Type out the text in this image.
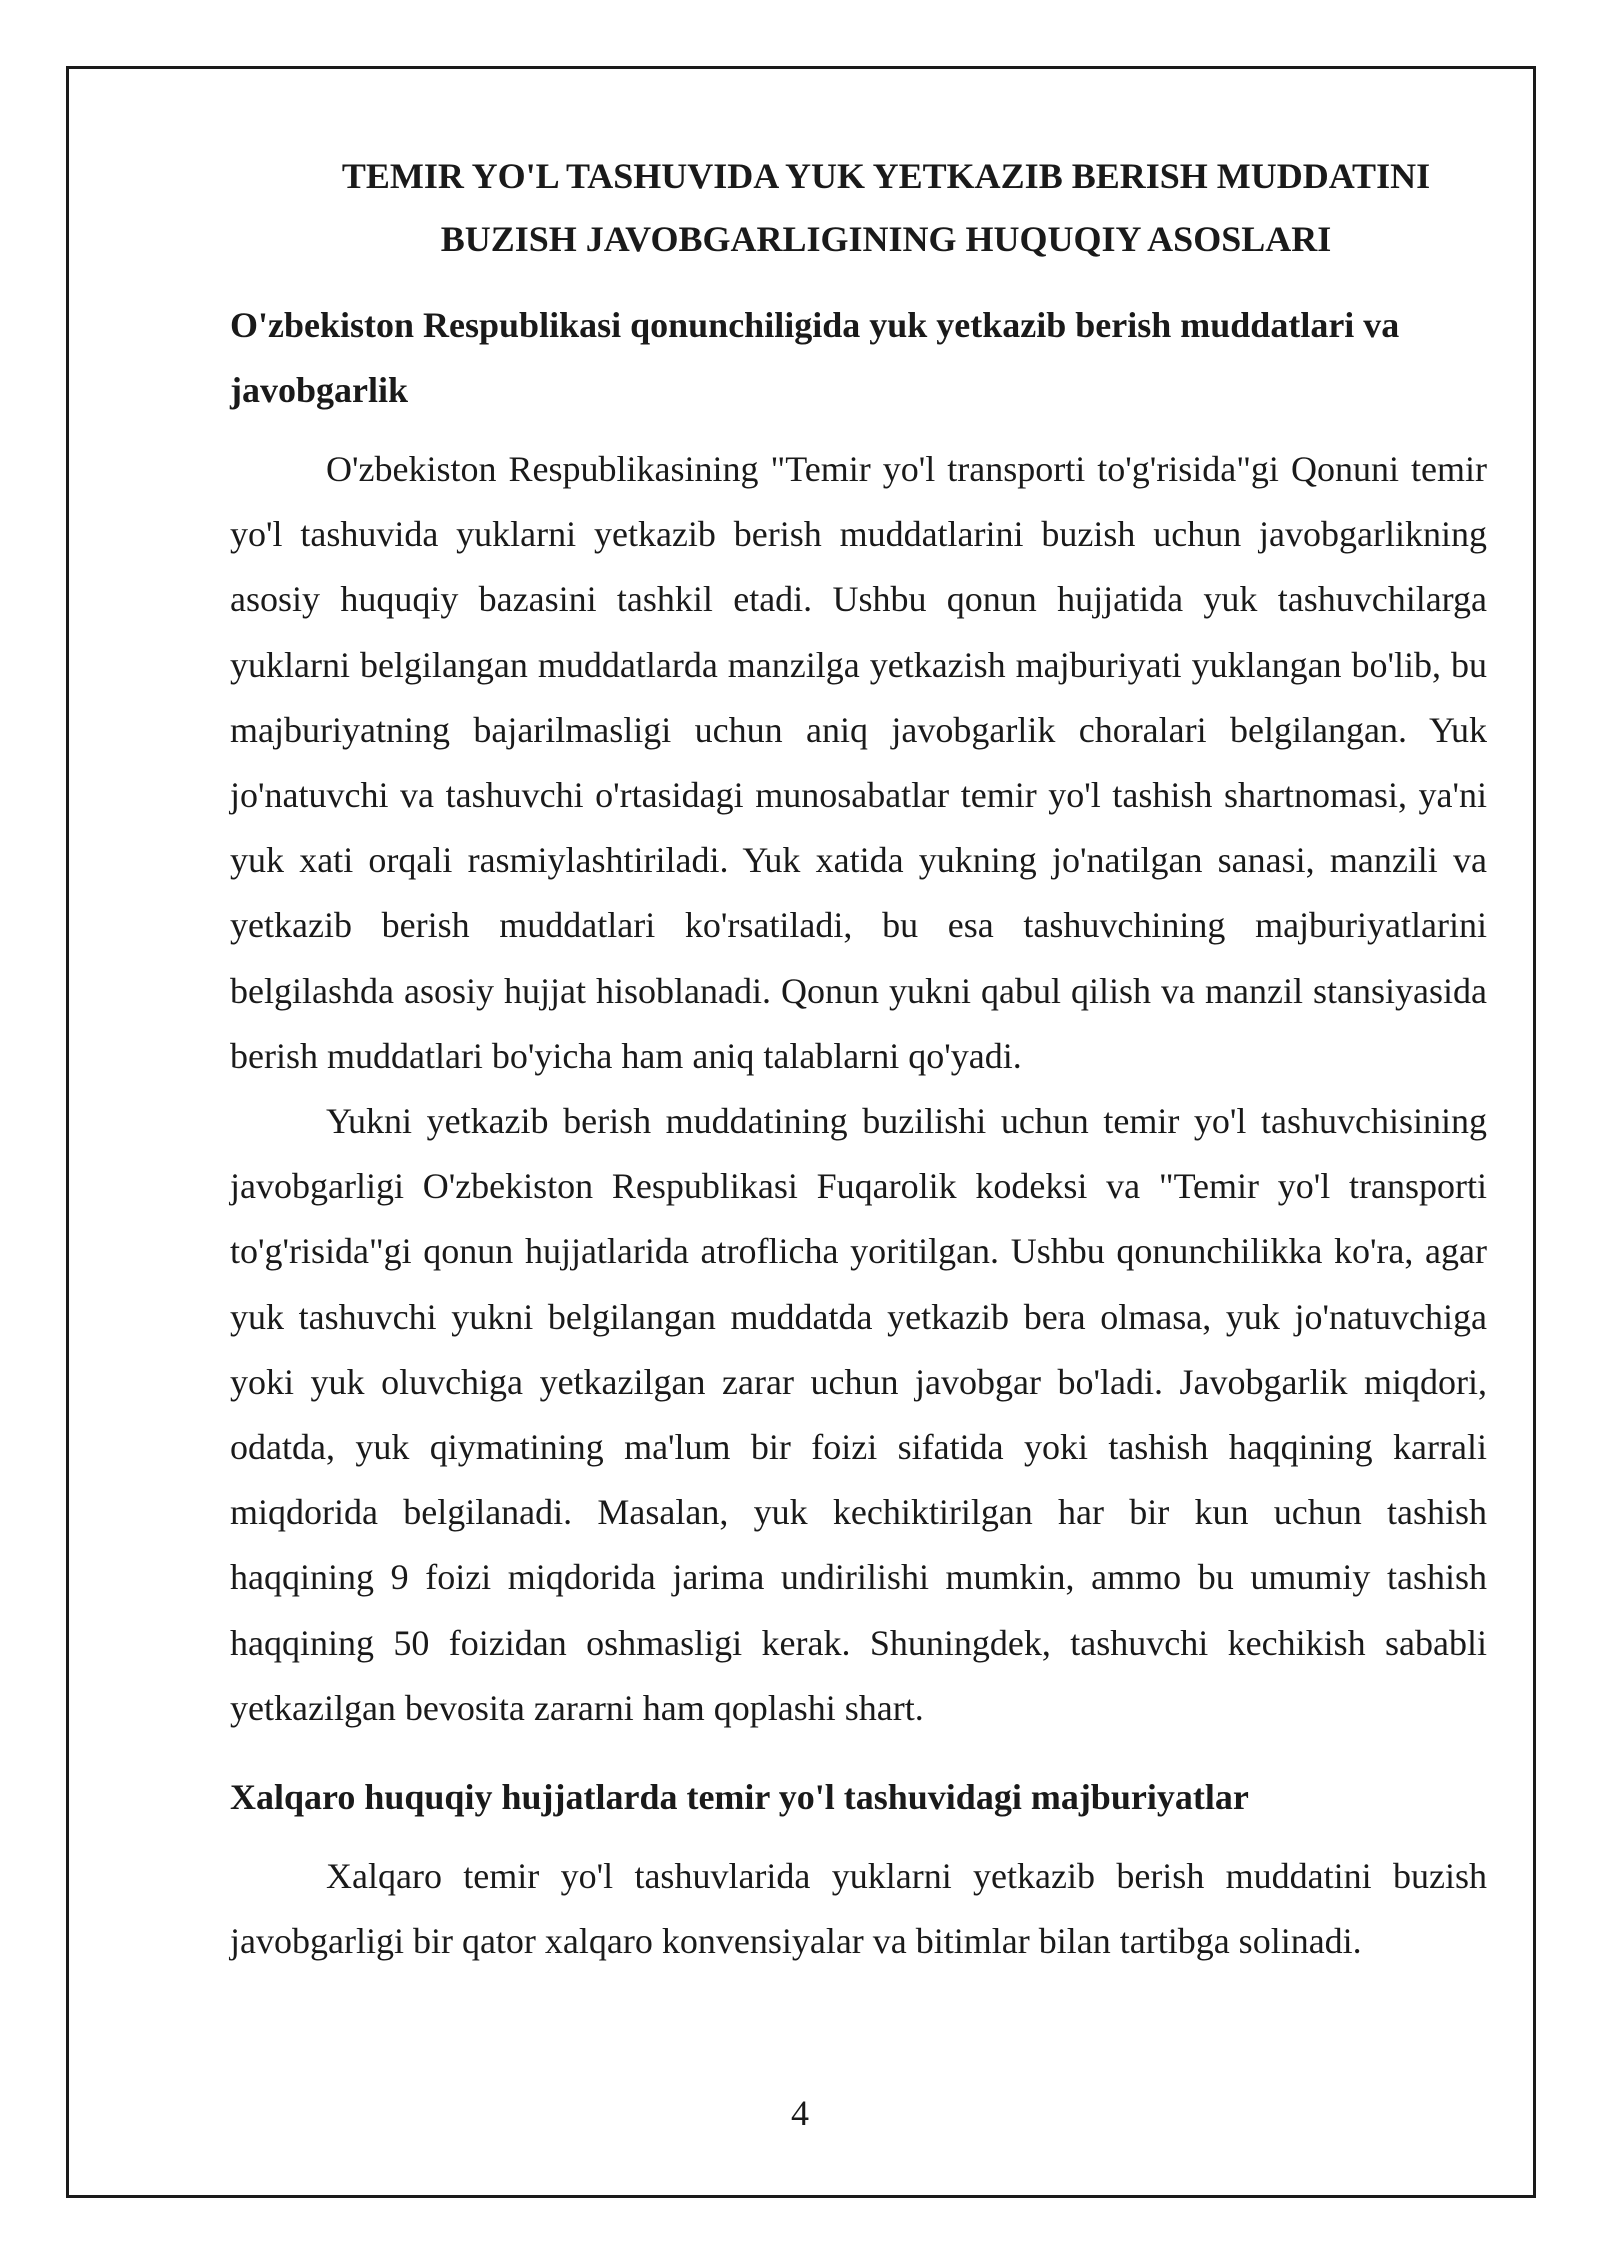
TEMIR YO'L TASHUVIDA YUK YETKAZIB BERISH MUDDATINI BUZISH JAVOBGARLIGINING HUQUQIY ASOSLARI
O'zbekiston Respublikasi qonunchiligida yuk yetkazib berish muddatlari va javobgarlik

O'zbekiston Respublikasining "Temir yo'l transporti to'g'risida"gi Qonuni temir yo'l tashuvida yuklarni yetkazib berish muddatlarini buzish uchun javobgarlikning asosiy huquqiy bazasini tashkil etadi. Ushbu qonun hujjatida yuk tashuvchilarga yuklarni belgilangan muddatlarda manzilga yetkazish majburiyati yuklangan bo'lib, bu majburiyatning bajarilmasligi uchun aniq javobgarlik choralari belgilangan. Yuk jo'natuvchi va tashuvchi o'rtasidagi munosabatlar temir yo'l tashish shartnomasi, ya'ni yuk xati orqali rasmiylashtiriladi. Yuk xatida yukning jo'natilgan sanasi, manzili va yetkazib berish muddatlari ko'rsatiladi, bu esa tashuvchining majburiyatlarini belgilashda asosiy hujjat hisoblanadi. Qonun yukni qabul qilish va manzil stansiyasida berish muddatlari bo'yicha ham aniq talablarni qo'yadi.

Yukni yetkazib berish muddatining buzilishi uchun temir yo'l tashuvchisining javobgarligi O'zbekiston Respublikasi Fuqarolik kodeksi va "Temir yo'l transporti to'g'risida"gi qonun hujjatlarida atroflicha yoritilgan. Ushbu qonunchilikka ko'ra, agar yuk tashuvchi yukni belgilangan muddatda yetkazib bera olmasa, yuk jo'natuvchiga yoki yuk oluvchiga yetkazilgan zarar uchun javobgar bo'ladi. Javobgarlik miqdori, odatda, yuk qiymatining ma'lum bir foizi sifatida yoki tashish haqqining karrali miqdorida belgilanadi. Masalan, yuk kechiktirilgan har bir kun uchun tashish haqqining 9 foizi miqdorida jarima undirilishi mumkin, ammo bu umumiy tashish haqqining 50 foizidan oshmasligi kerak. Shuningdek, tashuvchi kechikish sababli yetkazilgan bevosita zararni ham qoplashi shart.

Xalqaro huquqiy hujjatlarda temir yo'l tashuvidagi majburiyatlar

Xalqaro temir yo'l tashuvlarida yuklarni yetkazib berish muddatini buzish javobgarligi bir qator xalqaro konvensiyalar va bitimlar bilan tartibga solinadi.

4
